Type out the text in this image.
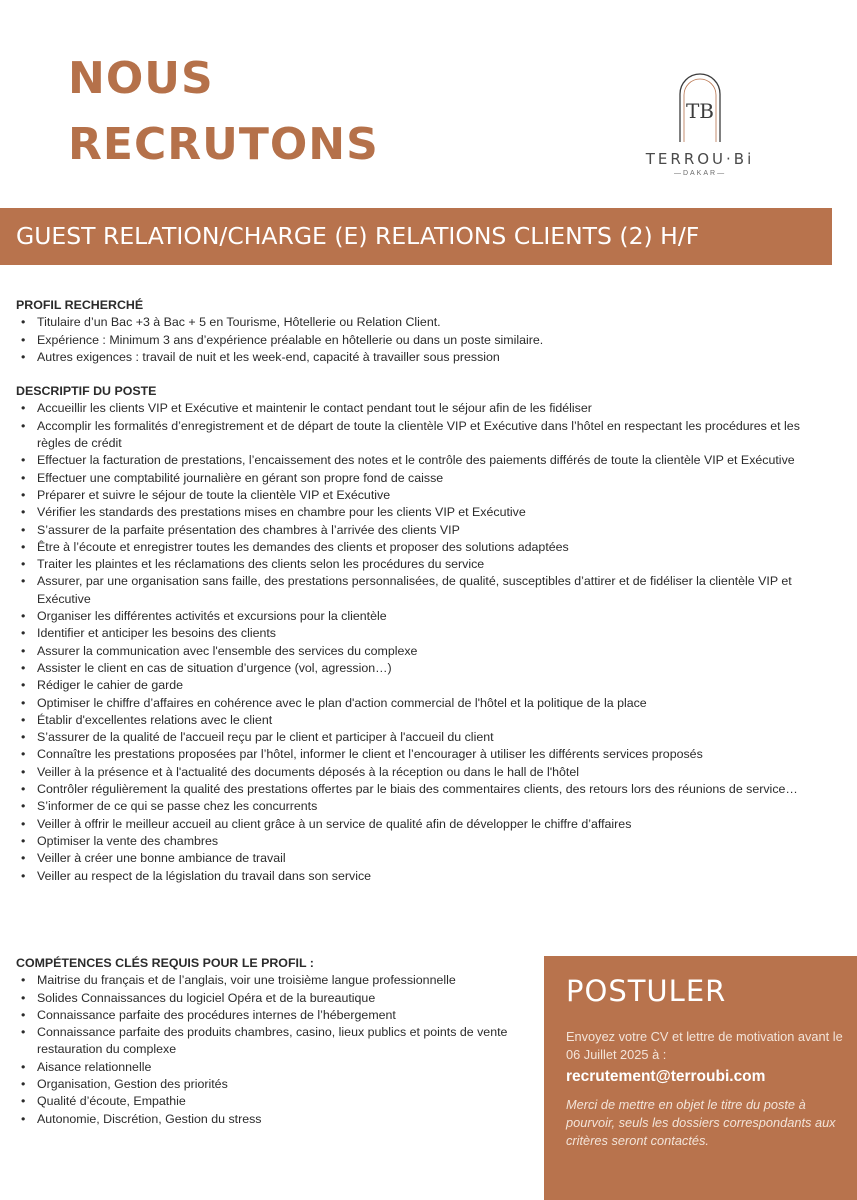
NOUS
RECRUTONS
TB
TERROU·Bi
—DAKAR—
GUEST RELATION/CHARGE (E) RELATIONS CLIENTS (2) H/F
PROFIL RECHERCHÉ
• Titulaire d’un Bac +3 à Bac + 5 en Tourisme, Hôtellerie ou Relation Client.
• Expérience : Minimum 3 ans d’expérience préalable en hôtellerie ou dans un poste similaire.
• Autres exigences : travail de nuit et les week-end, capacité à travailler sous pression
DESCRIPTIF DU POSTE
• Accueillir les clients VIP et Exécutive et maintenir le contact pendant tout le séjour afin de les fidéliser
• Accomplir les formalités d’enregistrement et de départ de toute la clientèle VIP et Exécutive dans l’hôtel en respectant les procédures et les règles de crédit
• Effectuer la facturation de prestations, l’encaissement des notes et le contrôle des paiements différés de toute la clientèle VIP et Exécutive
• Effectuer une comptabilité journalière en gérant son propre fond de caisse
• Préparer et suivre le séjour de toute la clientèle VIP et Exécutive
• Vérifier les standards des prestations mises en chambre pour les clients VIP et Exécutive
• S’assurer de la parfaite présentation des chambres à l’arrivée des clients VIP
• Être à l’écoute et enregistrer toutes les demandes des clients et proposer des solutions adaptées
• Traiter les plaintes et les réclamations des clients selon les procédures du service
• Assurer, par une organisation sans faille, des prestations personnalisées, de qualité, susceptibles d’attirer et de fidéliser la clientèle VIP et Exécutive
• Organiser les différentes activités et excursions pour la clientèle
• Identifier et anticiper les besoins des clients
• Assurer la communication avec l'ensemble des services du complexe
• Assister le client en cas de situation d’urgence (vol, agression…)
• Rédiger le cahier de garde
• Optimiser le chiffre d’affaires en cohérence avec le plan d'action commercial de l'hôtel et la politique de la place
• Établir d'excellentes relations avec le client
• S’assurer de la qualité de l'accueil reçu par le client et participer à l'accueil du client
• Connaître les prestations proposées par l’hôtel, informer le client et l’encourager à utiliser les différents services proposés
• Veiller à la présence et à l'actualité des documents déposés à la réception ou dans le hall de l'hôtel
• Contrôler régulièrement la qualité des prestations offertes par le biais des commentaires clients, des retours lors des réunions de service…
• S’informer de ce qui se passe chez les concurrents
• Veiller à offrir le meilleur accueil au client grâce à un service de qualité afin de développer le chiffre d’affaires
• Optimiser la vente des chambres
• Veiller à créer une bonne ambiance de travail
• Veiller au respect de la législation du travail dans son service
COMPÉTENCES CLÉS REQUIS POUR LE PROFIL :
• Maitrise du français et de l’anglais, voir une troisième langue professionnelle
• Solides Connaissances du logiciel Opéra et de la bureautique
• Connaissance parfaite des procédures internes de l’hébergement
• Connaissance parfaite des produits chambres, casino, lieux publics et points de vente restauration du complexe
• Aisance relationnelle
• Organisation, Gestion des priorités
• Qualité d’écoute, Empathie
• Autonomie, Discrétion, Gestion du stress
POSTULER
Envoyez votre CV et lettre de motivation avant le 06 Juillet 2025 à :
recrutement@terroubi.com
Merci de mettre en objet le titre du poste à pourvoir, seuls les dossiers correspondants aux critères seront contactés.
